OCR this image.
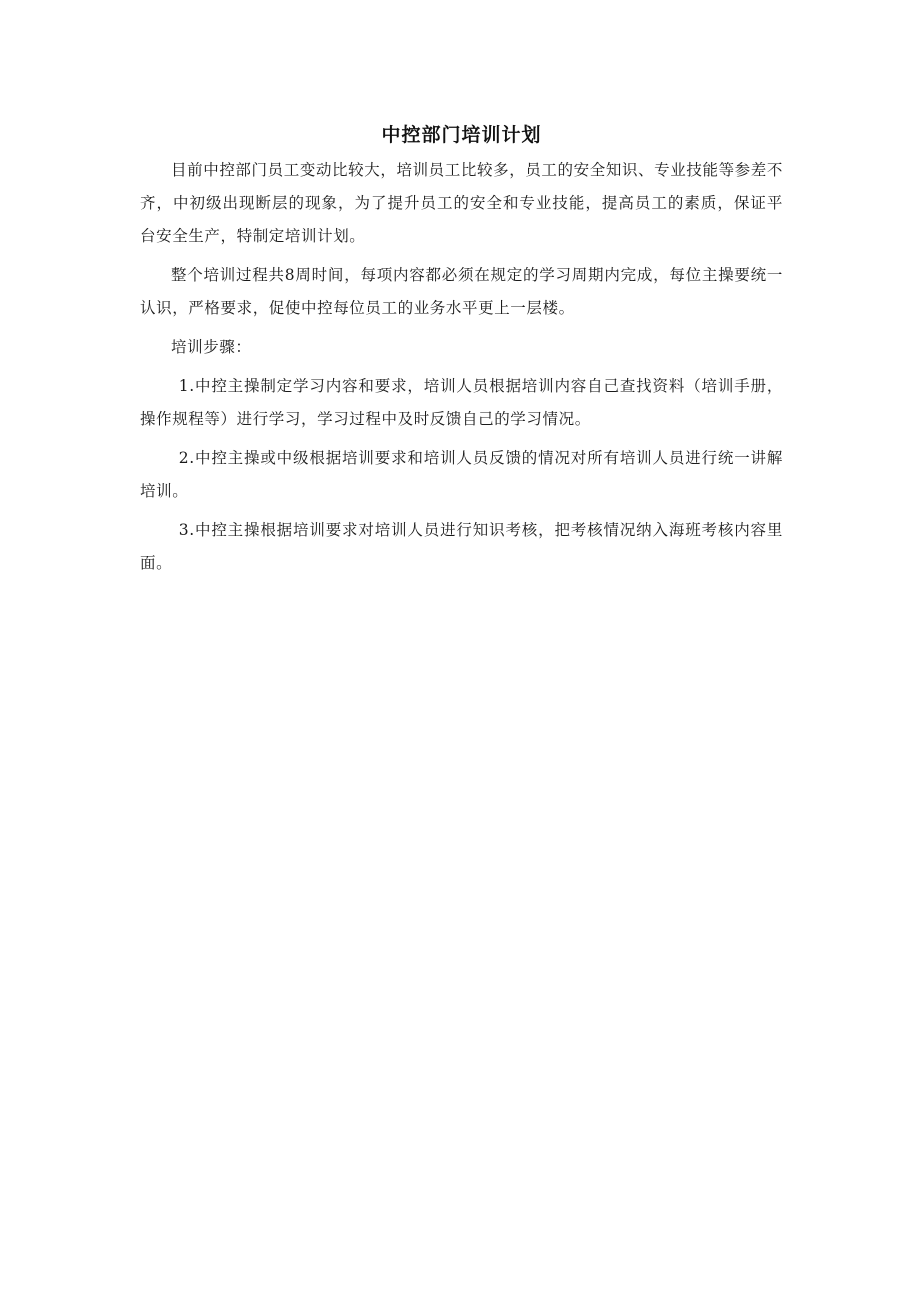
中控部门培训计划

目前中控部门员工变动比较大，培训员工比较多，员工的安全知识、专业技能等参差不齐，中初级出现断层的现象，为了提升员工的安全和专业技能，提高员工的素质，保证平台安全生产，特制定培训计划。

整个培训过程共8周时间，每项内容都必须在规定的学习周期内完成，每位主操要统一认识，严格要求，促使中控每位员工的业务水平更上一层楼。

培训步骤：

1.中控主操制定学习内容和要求，培训人员根据培训内容自己查找资料（培训手册，操作规程等）进行学习，学习过程中及时反馈自己的学习情况。

2.中控主操或中级根据培训要求和培训人员反馈的情况对所有培训人员进行统一讲解培训。

3.中控主操根据培训要求对培训人员进行知识考核，把考核情况纳入海班考核内容里面。
